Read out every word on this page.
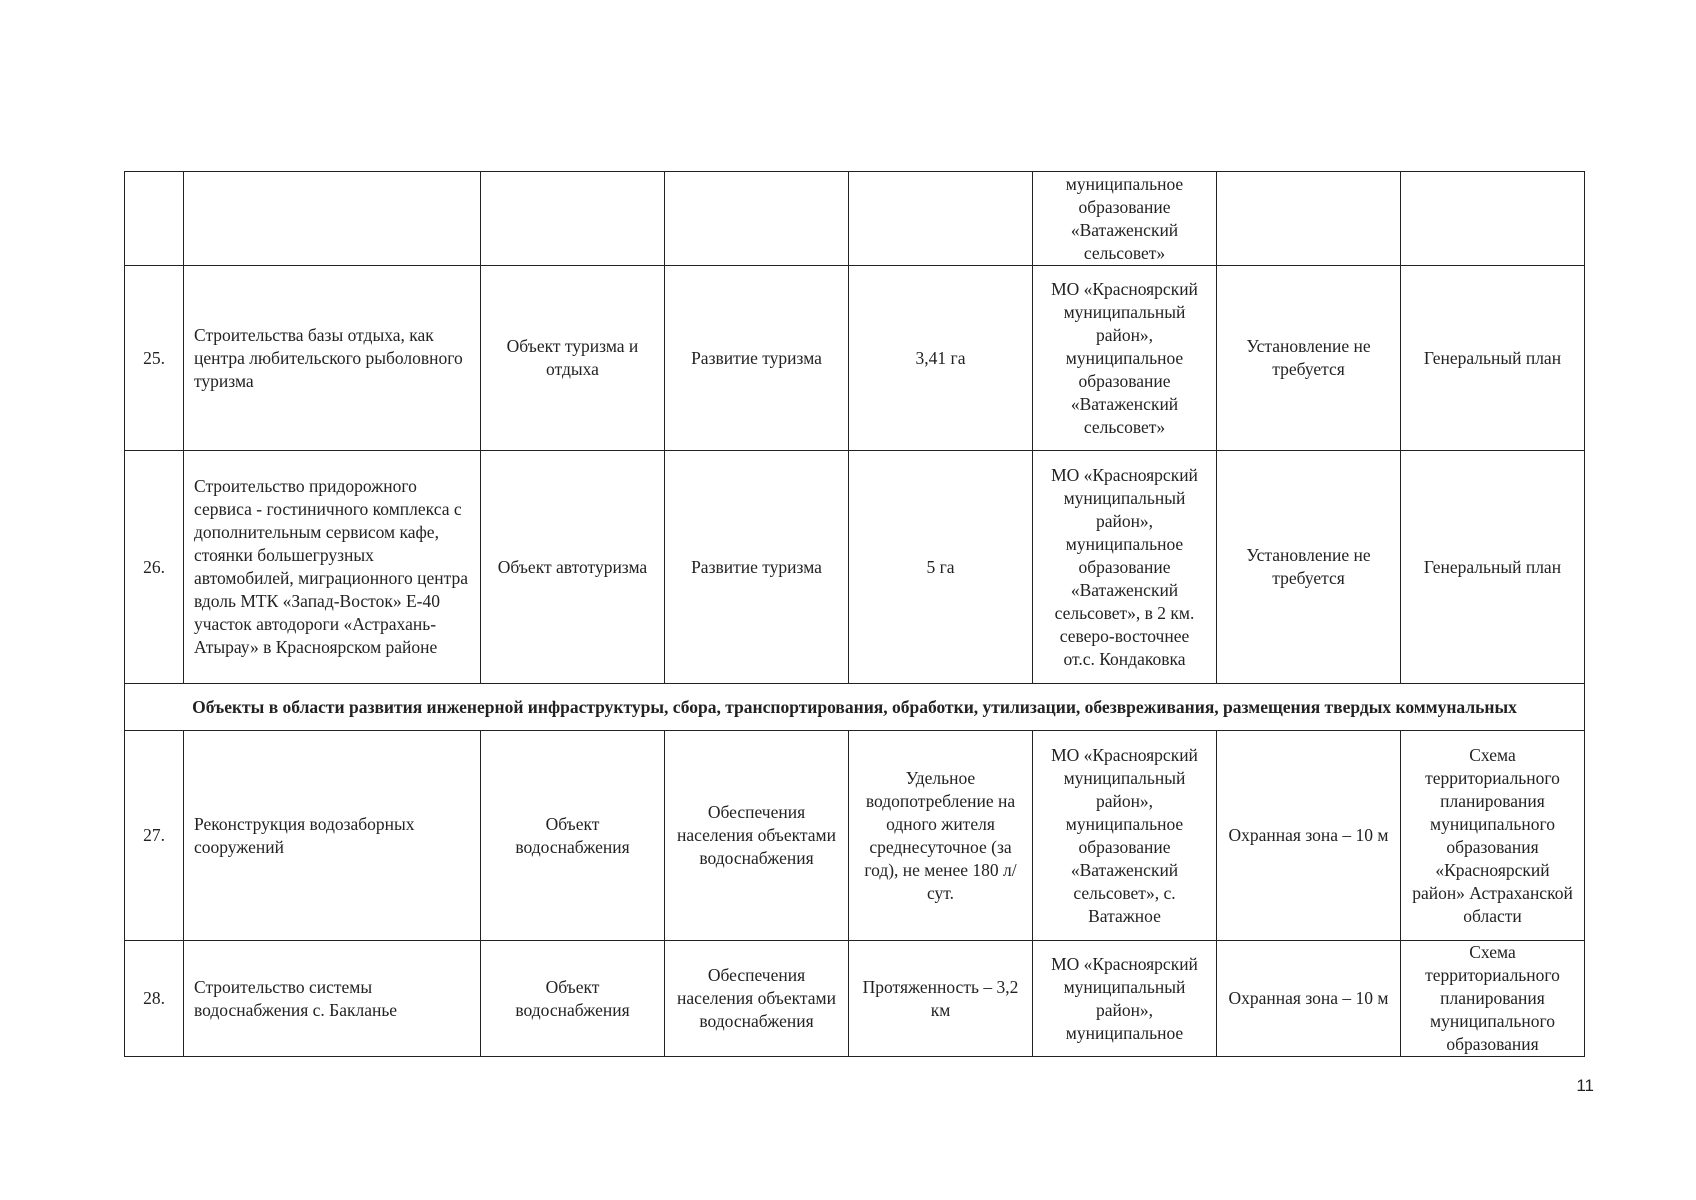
					муниципальное образование «Ватаженский сельсовет»		
25.	Строительства базы отдыха, как центра любительского рыболовного туризма	Объект туризма и отдыха	Развитие туризма	3,41 га	МО «Красноярский муниципальный район», муниципальное образование «Ватаженский сельсовет»	Установление не требуется	Генеральный план
26.	Строительство придорожного сервиса - гостиничного комплекса с дополнительным сервисом кафе, стоянки большегрузных автомобилей, миграционного центра вдоль МТК «Запад-Восток» Е-40 участок автодороги «Астрахань-Атырау» в Красноярском районе	Объект автотуризма	Развитие туризма	5 га	МО «Красноярский муниципальный район», муниципальное образование «Ватаженский сельсовет», в 2 км. северо-восточнее от.с. Кондаковка	Установление не требуется	Генеральный план
Объекты в области развития инженерной инфраструктуры, сбора, транспортирования, обработки, утилизации, обезвреживания, размещения твердых коммунальных							
27.	Реконструкция водозаборных сооружений	Объект водоснабжения	Обеспечения населения объектами водоснабжения	Удельное водопотребление на одного жителя среднесуточное (за год), не менее 180 л/сут.	МО «Красноярский муниципальный район», муниципальное образование «Ватаженский сельсовет», с. Ватажное	Охранная зона – 10 м	Схема территориального планирования муниципального образования «Красноярский район» Астраханской области
28.	Строительство системы водоснабжения с. Бакланье	Объект водоснабжения	Обеспечения населения объектами водоснабжения	Протяженность – 3,2 км	МО «Красноярский муниципальный район», муниципальное	Охранная зона – 10 м	Схема территориального планирования муниципального образования
11
